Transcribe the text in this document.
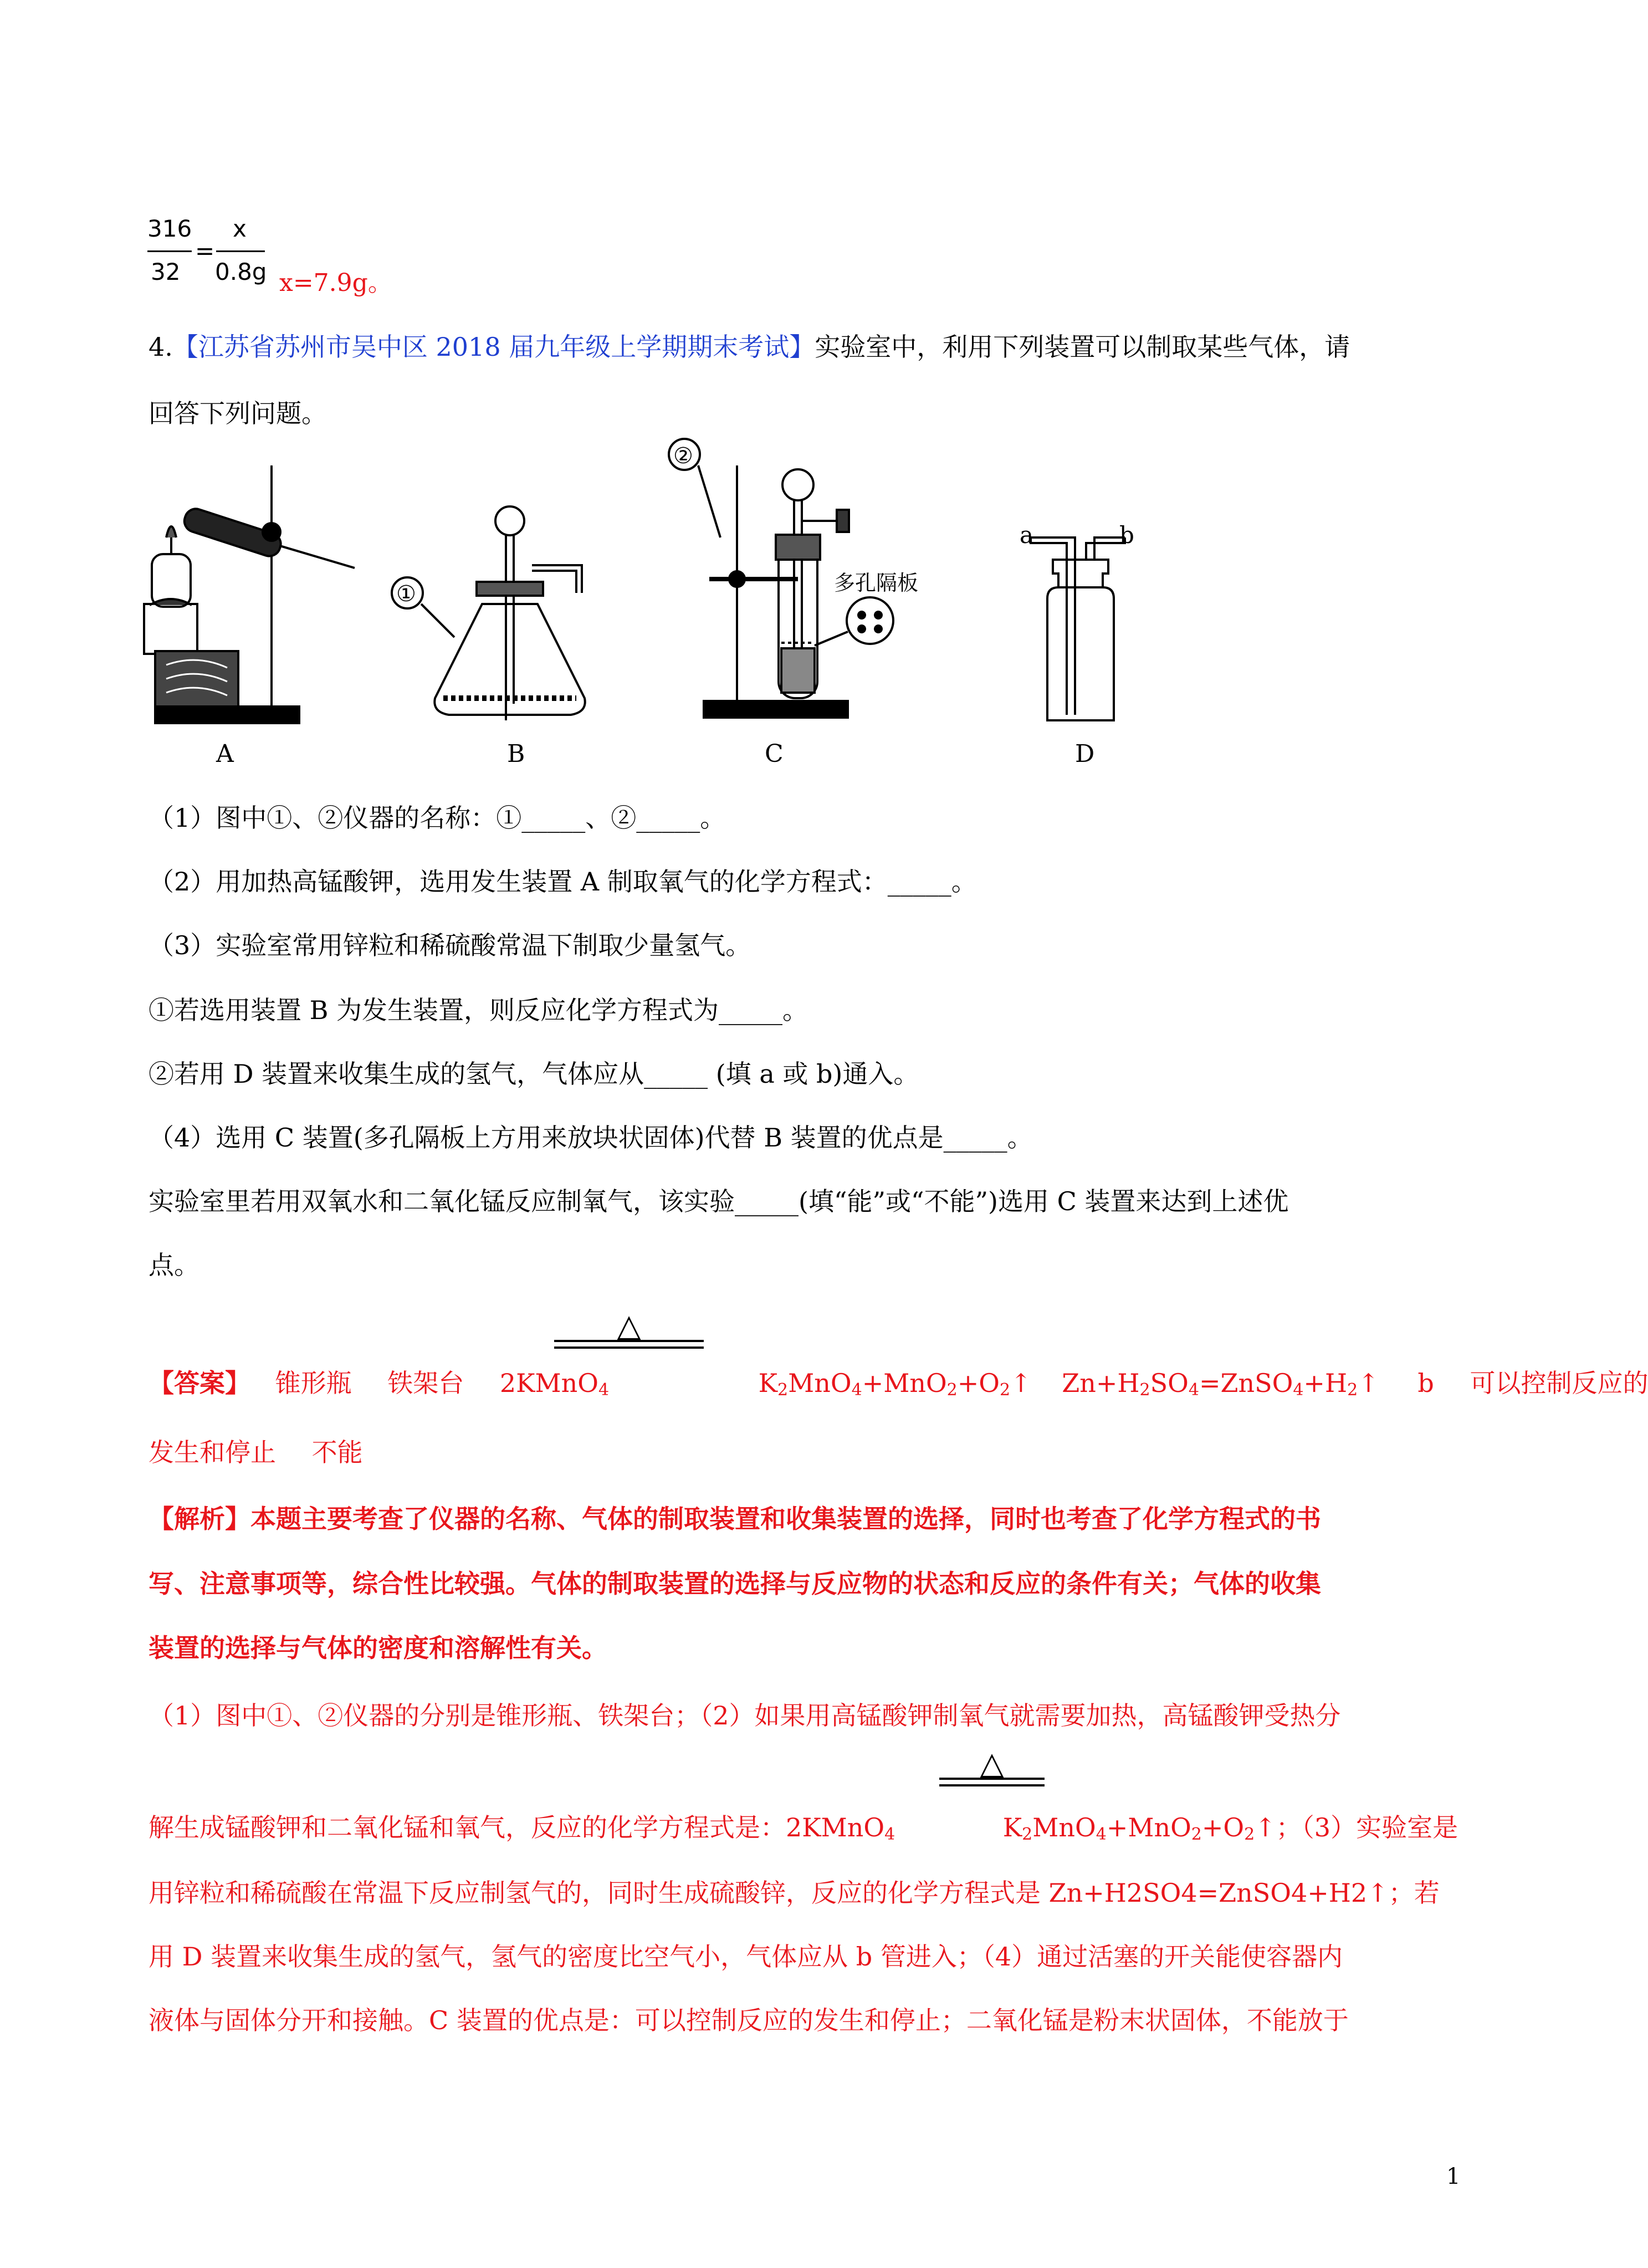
316
32
=
x
0.8g x=7.9g。
4.【江苏省苏州市吴中区 2018 届九年级上学期期末考试】实验室中，利用下列装置可以制取某些气体，请
回答下列问题。
A	B	C	D
①
②
多孔隔板
a	b
（1）图中①、②仪器的名称：①_____、②_____。
（2）用加热高锰酸钾，选用发生装置 A 制取氧气的化学方程式：_____。
（3）实验室常用锌粒和稀硫酸常温下制取少量氢气。
①若选用装置 B 为发生装置，则反应化学方程式为_____。
②若用 D 装置来收集生成的氢气，气体应从_____ (填 a 或 b)通入。
（4）选用 C 装置(多孔隔板上方用来放块状固体)代替 B 装置的优点是_____。
实验室里若用双氧水和二氧化锰反应制氧气，该实验_____(填“能”或“不能”)选用 C 装置来达到上述优
点。
△
【答案】 锥形瓶 铁架台 2KMnO$_4$	$K_2MnO_4+MnO_2+O_2↑$ $Zn+H_2SO_4=ZnSO_4+H_2↑$ b 可以控制反应的
发生和停止 不能
【解析】本题主要考查了仪器的名称、气体的制取装置和收集装置的选择，同时也考查了化学方程式的书
写、注意事项等，综合性比较强。气体的制取装置的选择与反应物的状态和反应的条件有关；气体的收集
装置的选择与气体的密度和溶解性有关。
（1）图中①、②仪器的分别是锥形瓶、铁架台；（2）如果用高锰酸钾制氧气就需要加热，高锰酸钾受热分
△
解生成锰酸钾和二氧化锰和氧气，反应的化学方程式是：2KMnO$_4$	$K_2MnO_4+MnO_2+O_2↑$；（3）实验室是
用锌粒和稀硫酸在常温下反应制氢气的，同时生成硫酸锌，反应的化学方程式是 Zn+H2SO4=ZnSO4+H2↑；若
用 D 装置来收集生成的氢气，氢气的密度比空气小，气体应从 b 管进入；（4）通过活塞的开关能使容器内
液体与固体分开和接触。C 装置的优点是：可以控制反应的发生和停止；二氧化锰是粉末状固体，不能放于
1
